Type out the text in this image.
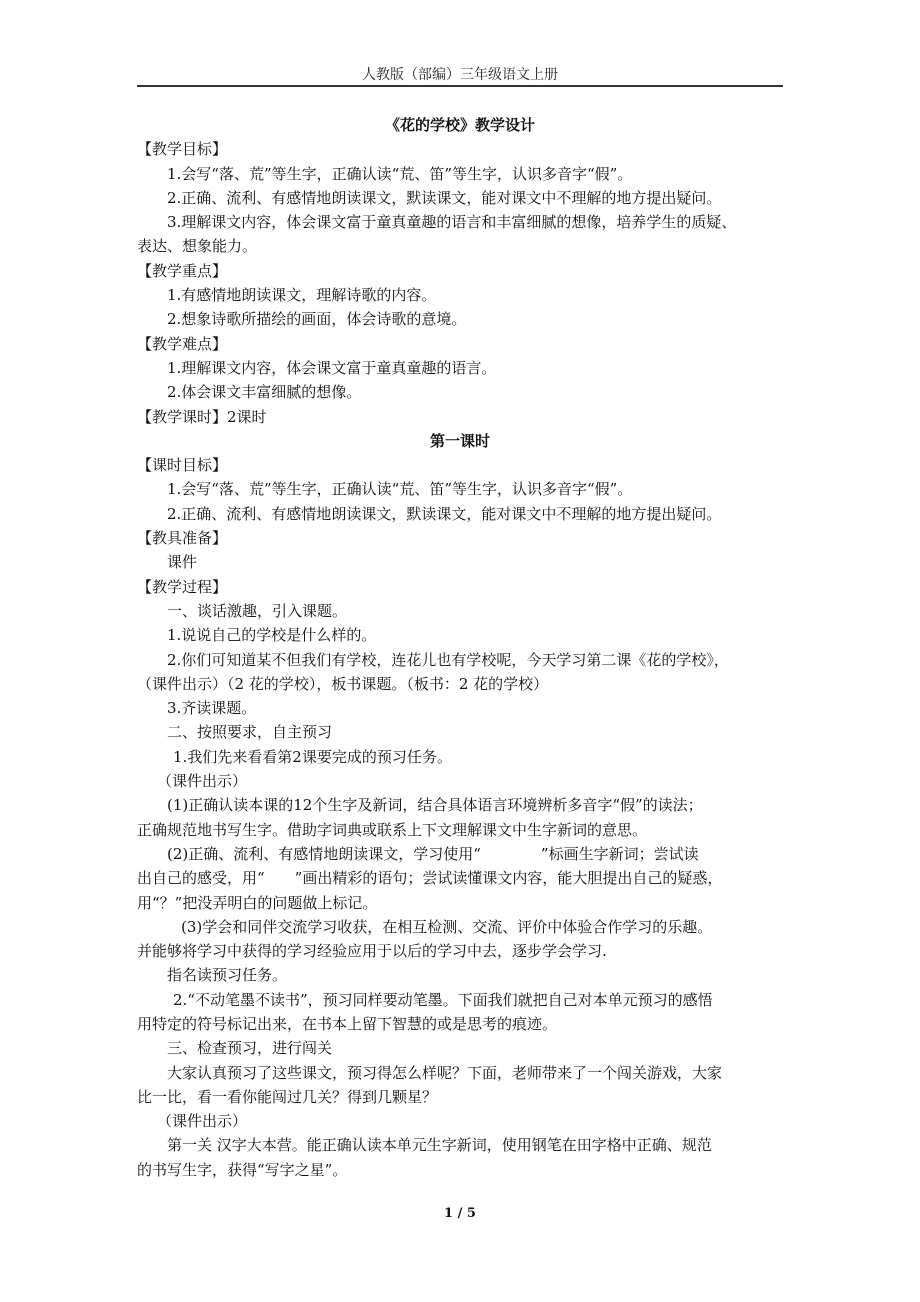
人教版（部编）三年级语文上册
《花的学校》教学设计
【教学目标】
1.会写“落、荒”等生字，正确认读“荒、笛”等生字，认识多音字“假”。
2.正确、流利、有感情地朗读课文，默读课文，能对课文中不理解的地方提出疑问。
3.理解课文内容，体会课文富于童真童趣的语言和丰富细腻的想像，培养学生的质疑、
表达、想象能力。
【教学重点】
1.有感情地朗读课文，理解诗歌的内容。
2.想象诗歌所描绘的画面，体会诗歌的意境。
【教学难点】
1.理解课文内容，体会课文富于童真童趣的语言。
2.体会课文丰富细腻的想像。
【教学课时】2课时
第一课时
【课时目标】
1.会写“落、荒”等生字，正确认读“荒、笛”等生字，认识多音字“假”。
2.正确、流利、有感情地朗读课文，默读课文，能对课文中不理解的地方提出疑问。
【教具准备】
课件
【教学过程】
一、谈话激趣，引入课题。
1.说说自己的学校是什么样的。
2.你们可知道某不但我们有学校，连花儿也有学校呢，今天学习第二课《花的学校》，
（课件出示）（2 花的学校），板书课题。（板书：2 花的学校）
3.齐读课题。
二、按照要求，自主预习
1.我们先来看看第2课要完成的预习任务。
（课件出示）
(1)正确认读本课的12个生字及新词，结合具体语言环境辨析多音字“假”的读法；
正确规范地书写生字。借助字词典或联系上下文理解课文中生字新词的意思。
(2)正确、流利、有感情地朗读课文，学习使用“　　　　”标画生字新词；尝试读
出自己的感受，用“　　”画出精彩的语句；尝试读懂课文内容，能大胆提出自己的疑惑，
用“？”把没弄明白的问题做上标记。
(3)学会和同伴交流学习收获，在相互检测、交流、评价中体验合作学习的乐趣。
并能够将学习中获得的学习经验应用于以后的学习中去，逐步学会学习.
指名读预习任务。
2.“不动笔墨不读书”，预习同样要动笔墨。下面我们就把自己对本单元预习的感悟
用特定的符号标记出来，在书本上留下智慧的或是思考的痕迹。
三、检查预习，进行闯关
大家认真预习了这些课文，预习得怎么样呢？下面，老师带来了一个闯关游戏，大家
比一比，看一看你能闯过几关？得到几颗星？
（课件出示）
第一关 汉字大本营。能正确认读本单元生字新词，使用钢笔在田字格中正确、规范
的书写生字，获得“写字之星”。
1 / 5
